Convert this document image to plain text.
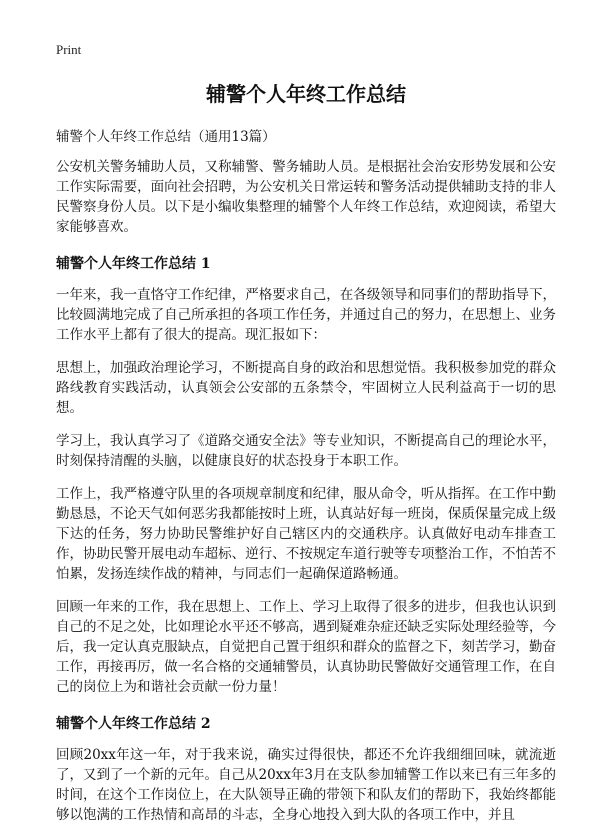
Print
辅警个人年终工作总结
辅警个人年终工作总结（通用13篇）

公安机关警务辅助人员，又称辅警、警务辅助人员。是根据社会治安形势发展和公安工作实际需要，面向社会招聘，为公安机关日常运转和警务活动提供辅助支持的非人民警察身份人员。以下是小编收集整理的辅警个人年终工作总结，欢迎阅读，希望大家能够喜欢。

辅警个人年终工作总结 1

一年来，我一直恪守工作纪律，严格要求自己，在各级领导和同事们的帮助指导下，比较圆满地完成了自己所承担的各项工作任务，并通过自己的努力，在思想上、业务工作水平上都有了很大的提高。现汇报如下：

思想上，加强政治理论学习，不断提高自身的政治和思想觉悟。我积极参加党的群众路线教育实践活动，认真领会公安部的五条禁令，牢固树立人民利益高于一切的思想。

学习上，我认真学习了《道路交通安全法》等专业知识，不断提高自己的理论水平，时刻保持清醒的头脑，以健康良好的状态投身于本职工作。

工作上，我严格遵守队里的各项规章制度和纪律，服从命令，听从指挥。在工作中勤勤恳恳，不论天气如何恶劣我都能按时上班，认真站好每一班岗，保质保量完成上级下达的任务，努力协助民警维护好自己辖区内的交通秩序。认真做好电动车排查工作，协助民警开展电动车超标、逆行、不按规定车道行驶等专项整治工作，不怕苦不怕累，发扬连续作战的精神，与同志们一起确保道路畅通。

回顾一年来的工作，我在思想上、工作上、学习上取得了很多的进步，但我也认识到自己的不足之处，比如理论水平还不够高，遇到疑难杂症还缺乏实际处理经验等，今后，我一定认真克服缺点，自觉把自己置于组织和群众的监督之下，刻苦学习，勤奋工作，再接再厉，做一名合格的交通辅警员，认真协助民警做好交通管理工作，在自己的岗位上为和谐社会贡献一份力量！

辅警个人年终工作总结 2

回顾20xx年这一年，对于我来说，确实过得很快，都还不允许我细细回味，就流逝了，又到了一个新的元年。自己从20xx年3月在支队参加辅警工作以来已有三年多的时间，在这个工作岗位上，在大队领导正确的带领下和队友们的帮助下，我始终都能够以饱满的工作热情和高昂的斗志，全身心地投入到大队的各项工作中，并且
